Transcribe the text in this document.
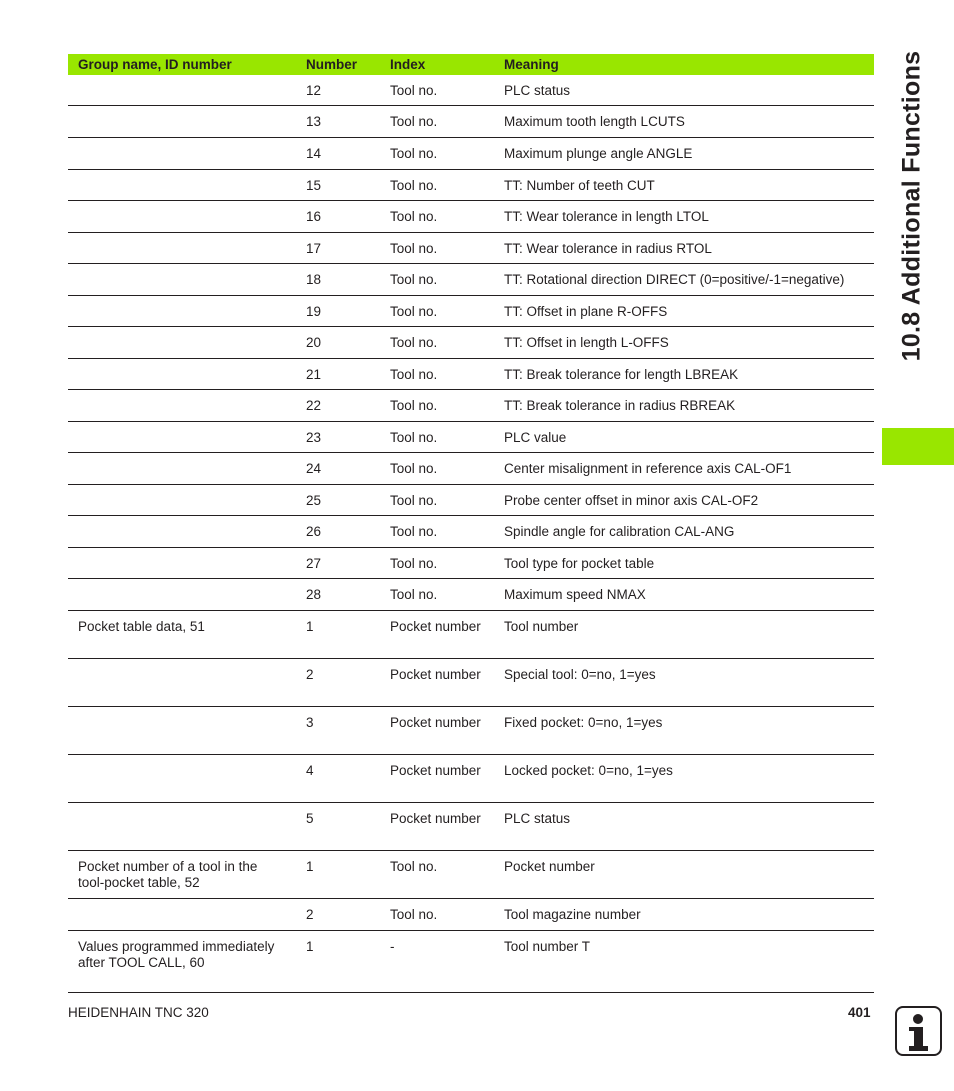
Group name, ID number	Number	Index	Meaning
	12	Tool no.	PLC status
	13	Tool no.	Maximum tooth length LCUTS
	14	Tool no.	Maximum plunge angle ANGLE
	15	Tool no.	TT: Number of teeth CUT
	16	Tool no.	TT: Wear tolerance in length LTOL
	17	Tool no.	TT: Wear tolerance in radius RTOL
	18	Tool no.	TT: Rotational direction DIRECT (0=positive/-1=negative)
	19	Tool no.	TT: Offset in plane R-OFFS
	20	Tool no.	TT: Offset in length L-OFFS
	21	Tool no.	TT: Break tolerance for length LBREAK
	22	Tool no.	TT: Break tolerance in radius RBREAK
	23	Tool no.	PLC value
	24	Tool no.	Center misalignment in reference axis CAL-OF1
	25	Tool no.	Probe center offset in minor axis CAL-OF2
	26	Tool no.	Spindle angle for calibration CAL-ANG
	27	Tool no.	Tool type for pocket table
	28	Tool no.	Maximum speed NMAX
Pocket table data, 51	1	Pocket number	Tool number
	2	Pocket number	Special tool: 0=no, 1=yes
	3	Pocket number	Fixed pocket: 0=no, 1=yes
	4	Pocket number	Locked pocket: 0=no, 1=yes
	5	Pocket number	PLC status
Pocket number of a tool in the tool-pocket table, 52	1	Tool no.	Pocket number
	2	Tool no.	Tool magazine number
Values programmed immediately after TOOL CALL, 60	1	-	Tool number T
10.8 Additional Functions
HEIDENHAIN TNC 320	401
